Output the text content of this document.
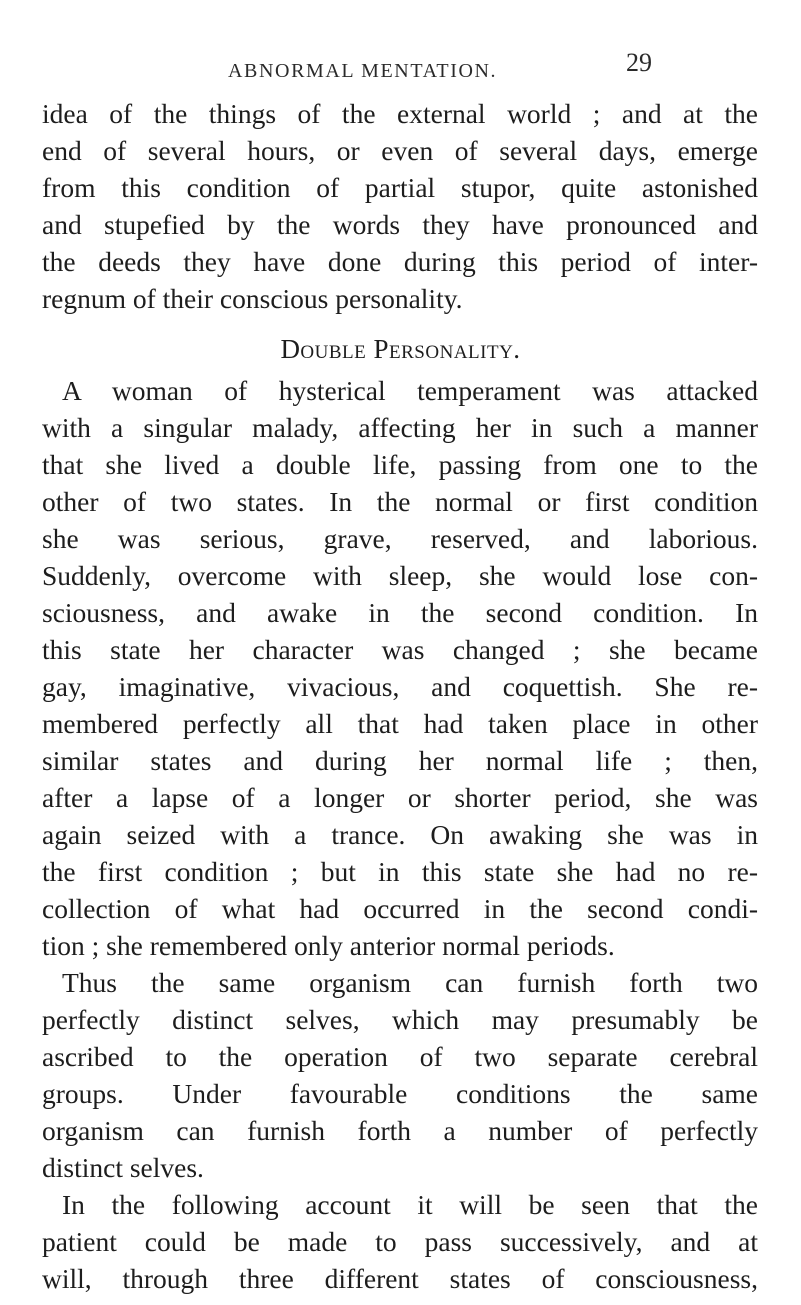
ABNORMAL MENTATION.	29
idea of the things of the external world ; and at the
end of several hours, or even of several days, emerge
from this condition of partial stupor, quite astonished
and stupefied by the words they have pronounced and
the deeds they have done during this period of inter-
regnum of their conscious personality.
Double Personality.
A woman of hysterical temperament was attacked
with a singular malady, affecting her in such a manner
that she lived a double life, passing from one to the
other of two states. In the normal or first condition
she was serious, grave, reserved, and laborious.
Suddenly, overcome with sleep, she would lose con-
sciousness, and awake in the second condition. In
this state her character was changed ; she became
gay, imaginative, vivacious, and coquettish. She re-
membered perfectly all that had taken place in other
similar states and during her normal life ; then,
after a lapse of a longer or shorter period, she was
again seized with a trance. On awaking she was in
the first condition ; but in this state she had no re-
collection of what had occurred in the second condi-
tion ; she remembered only anterior normal periods.
Thus the same organism can furnish forth two
perfectly distinct selves, which may presumably be
ascribed to the operation of two separate cerebral
groups. Under favourable conditions the same
organism can furnish forth a number of perfectly
distinct selves.
In the following account it will be seen that the
patient could be made to pass successively, and at
will, through three different states of consciousness,
